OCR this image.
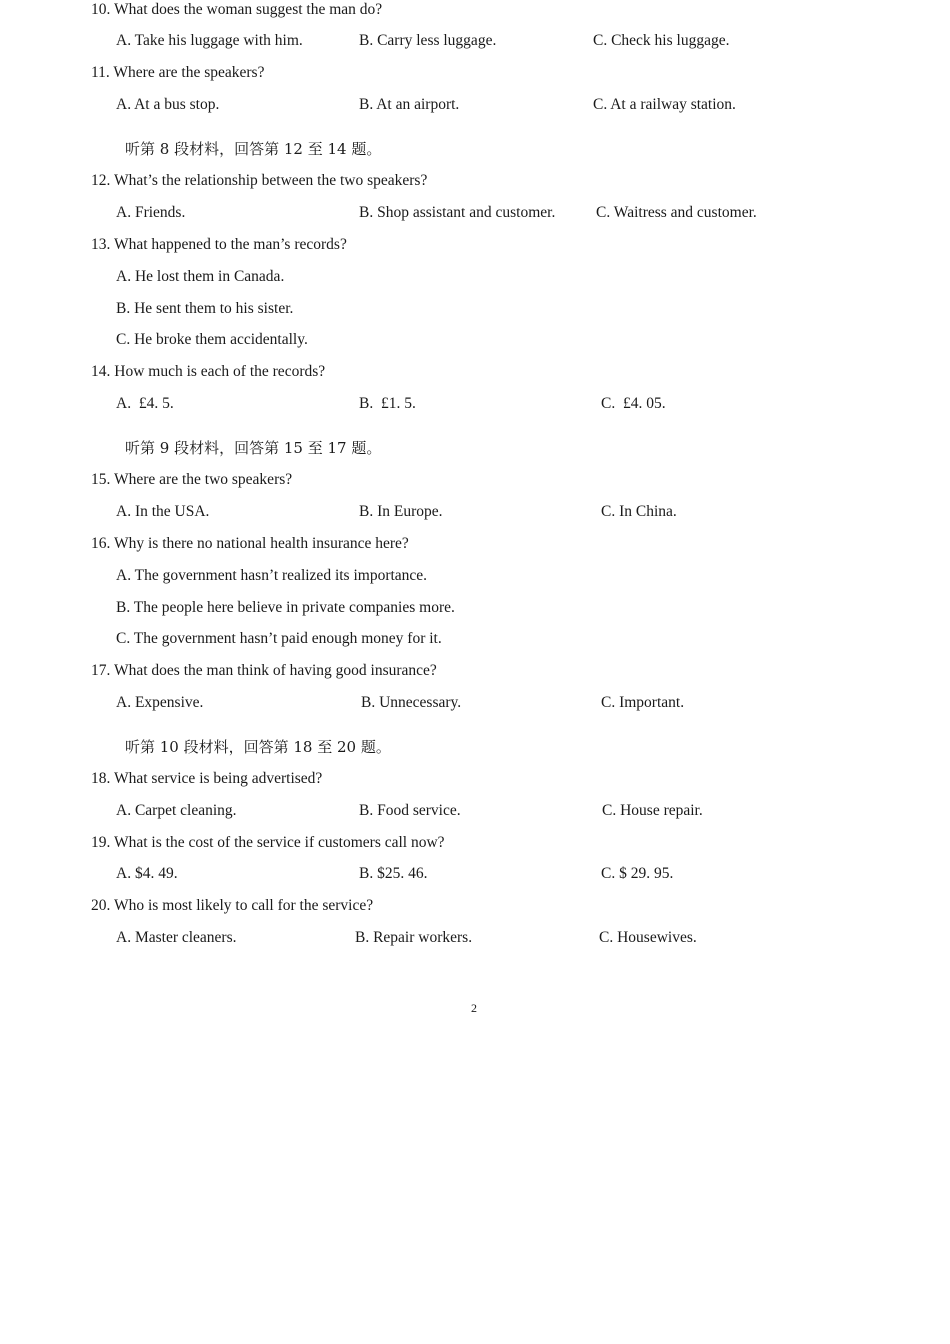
10. What does the woman suggest the man do?
A. Take his luggage with him.	B. Carry less luggage.	C. Check his luggage.
11. Where are the speakers?
A. At a bus stop.	B. At an airport.	C. At a railway station.
听第 8 段材料，回答第 12 至 14 题。
12. What’s the relationship between the two speakers?
A. Friends.	B. Shop assistant and customer.	C. Waitress and customer.
13. What happened to the man’s records?
A. He lost them in Canada.
B. He sent them to his sister.
C. He broke them accidentally.
14. How much is each of the records?
A.  £4. 5.	B.  £1. 5.	C.  £4. 05.
听第 9 段材料，回答第 15 至 17 题。
15. Where are the two speakers?
A. In the USA.	B. In Europe.	C. In China.
16. Why is there no national health insurance here?
A. The government hasn’t realized its importance.
B. The people here believe in private companies more.
C. The government hasn’t paid enough money for it.
17. What does the man think of having good insurance?
A. Expensive.	B. Unnecessary.	C. Important.
听第 10 段材料，回答第 18 至 20 题。
18. What service is being advertised?
A. Carpet cleaning.	B. Food service.	C. House repair.
19. What is the cost of the service if customers call now?
A. $4. 49.	B. $25. 46.	C. $ 29. 95.
20. Who is most likely to call for the service?
A. Master cleaners.	B. Repair workers.	C. Housewives.
2
